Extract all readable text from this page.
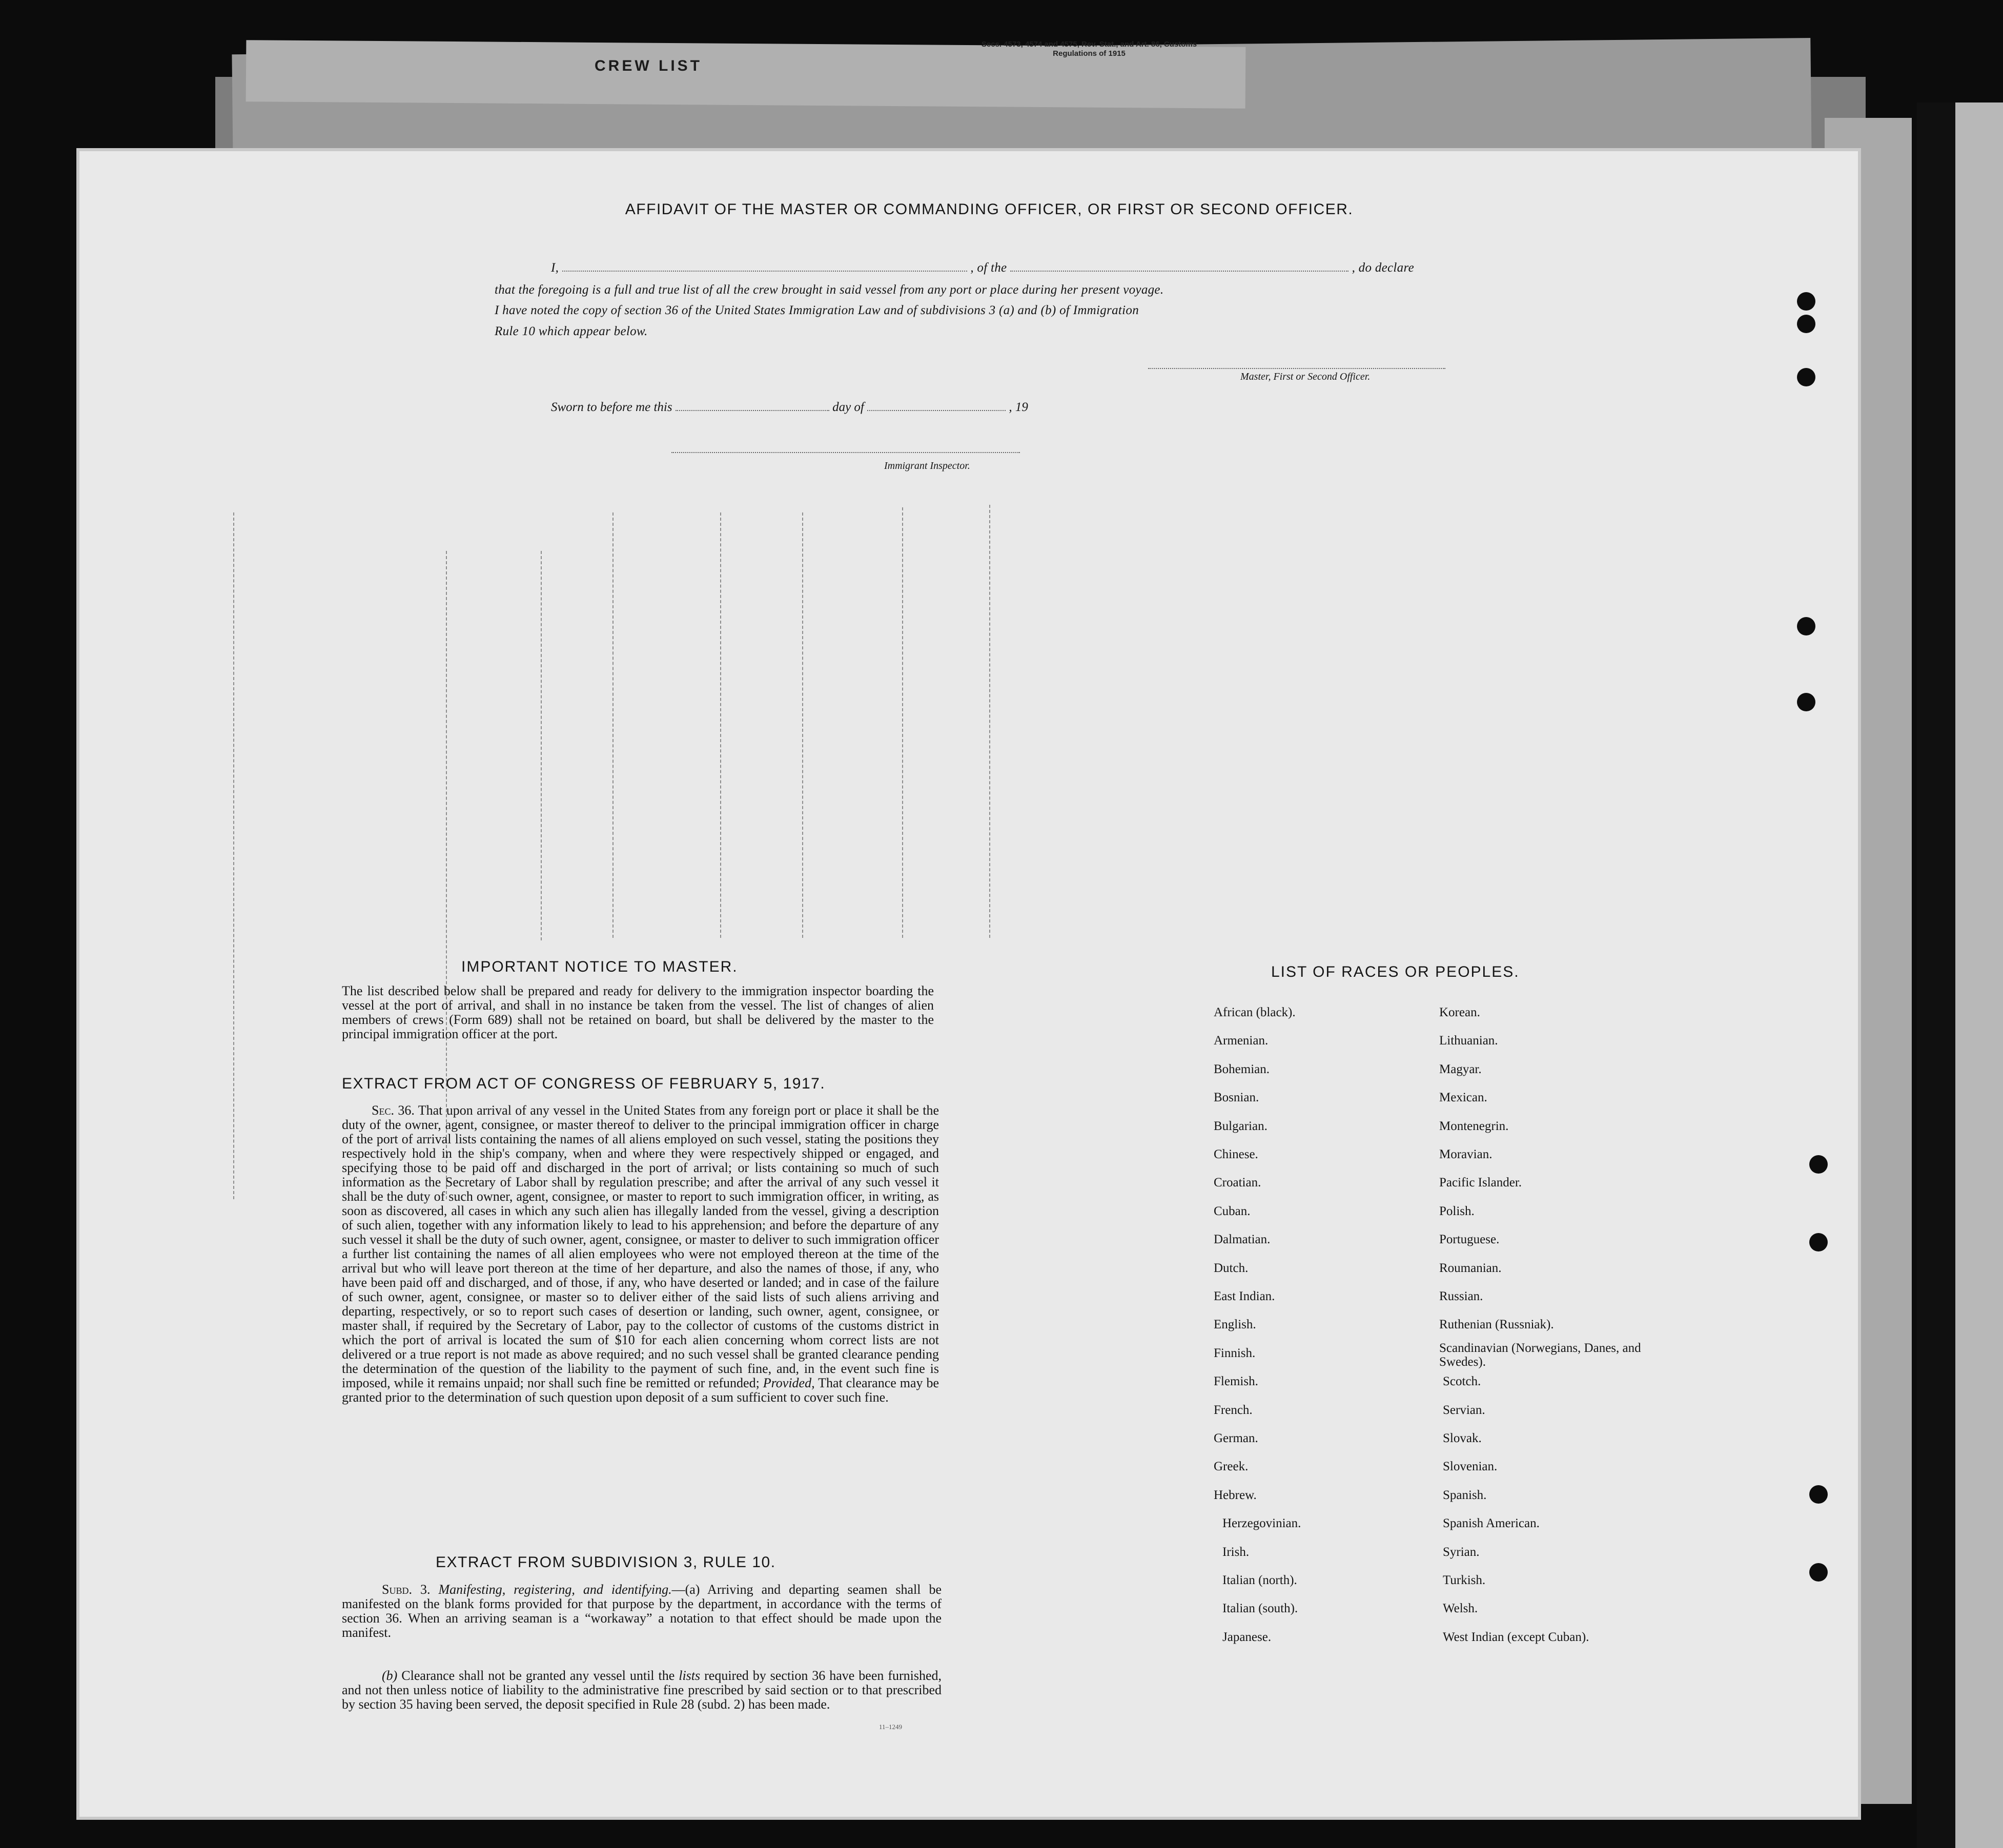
CREW LIST
Secs. 4573, 4574 and 4575, Rev. Stat., and Art. 86, Customs Regulations of 1915
AFFIDAVIT OF THE MASTER OR COMMANDING OFFICER, OR FIRST OR SECOND OFFICER.
I,	, of the	, do declare
that the foregoing is a full and true list of all the crew brought in said vessel from any port or place during her present voyage.
I have noted the copy of section 36 of the United States Immigration Law and of subdivisions 3 (a) and (b) of Immigration
Rule 10 which appear below.
Master, First or Second Officer.
Sworn to before me this	day of	, 19
Immigrant Inspector.
IMPORTANT NOTICE TO MASTER.
The list described below shall be prepared and ready for delivery to the immigration inspector boarding the vessel at the port of arrival, and shall in no instance be taken from the vessel. The list of changes of alien members of crews (Form 689) shall not be retained on board, but shall be delivered by the master to the principal immigration officer at the port.
EXTRACT FROM ACT OF CONGRESS OF FEBRUARY 5, 1917.
Sec. 36. That upon arrival of any vessel in the United States from any foreign port or place it shall be the duty of the owner, agent, consignee, or master thereof to deliver to the principal immigration officer in charge of the port of arrival lists containing the names of all aliens employed on such vessel, stating the positions they respectively hold in the ship's company, when and where they were respectively shipped or engaged, and specifying those to be paid off and discharged in the port of arrival; or lists containing so much of such information as the Secretary of Labor shall by regulation prescribe; and after the arrival of any such vessel it shall be the duty of such owner, agent, consignee, or master to report to such immigration officer, in writing, as soon as discovered, all cases in which any such alien has illegally landed from the vessel, giving a description of such alien, together with any information likely to lead to his apprehension; and before the departure of any such vessel it shall be the duty of such owner, agent, consignee, or master to deliver to such immigration officer a further list containing the names of all alien employees who were not employed thereon at the time of the arrival but who will leave port thereon at the time of her departure, and also the names of those, if any, who have been paid off and discharged, and of those, if any, who have deserted or landed; and in case of the failure of such owner, agent, consignee, or master so to deliver either of the said lists of such aliens arriving and departing, respectively, or so to report such cases of desertion or landing, such owner, agent, consignee, or master shall, if required by the Secretary of Labor, pay to the collector of customs of the customs district in which the port of arrival is located the sum of $10 for each alien concerning whom correct lists are not delivered or a true report is not made as above required; and no such vessel shall be granted clearance pending the determination of the question of the liability to the payment of such fine, and, in the event such fine is imposed, while it remains unpaid; nor shall such fine be remitted or refunded; Provided, That clearance may be granted prior to the determination of such question upon deposit of a sum sufficient to cover such fine.
EXTRACT FROM SUBDIVISION 3, RULE 10.
Subd. 3. Manifesting, registering, and identifying.—(a) Arriving and departing seamen shall be manifested on the blank forms provided for that purpose by the department, in accordance with the terms of section 36. When an arriving seaman is a “workaway” a notation to that effect should be made upon the manifest.
(b) Clearance shall not be granted any vessel until the lists required by section 36 have been furnished, and not then unless notice of liability to the administrative fine prescribed by said section or to that prescribed by section 35 having been served, the deposit specified in Rule 28 (subd. 2) has been made.
11–1249
LIST OF RACES OR PEOPLES.
African (black).
Armenian.
Bohemian.
Bosnian.
Bulgarian.
Chinese.
Croatian.
Cuban.
Dalmatian.
Dutch.
East Indian.
English.
Finnish.
Flemish.
French.
German.
Greek.
Hebrew.
Herzegovinian.
Irish.
Italian (north).
Italian (south).
Japanese.
Korean.
Lithuanian.
Magyar.
Mexican.
Montenegrin.
Moravian.
Pacific Islander.
Polish.
Portuguese.
Roumanian.
Russian.
Ruthenian (Russniak).
Scandinavian (Norwegians, Danes, and Swedes).
Scotch.
Servian.
Slovak.
Slovenian.
Spanish.
Spanish American.
Syrian.
Turkish.
Welsh.
West Indian (except Cuban).
